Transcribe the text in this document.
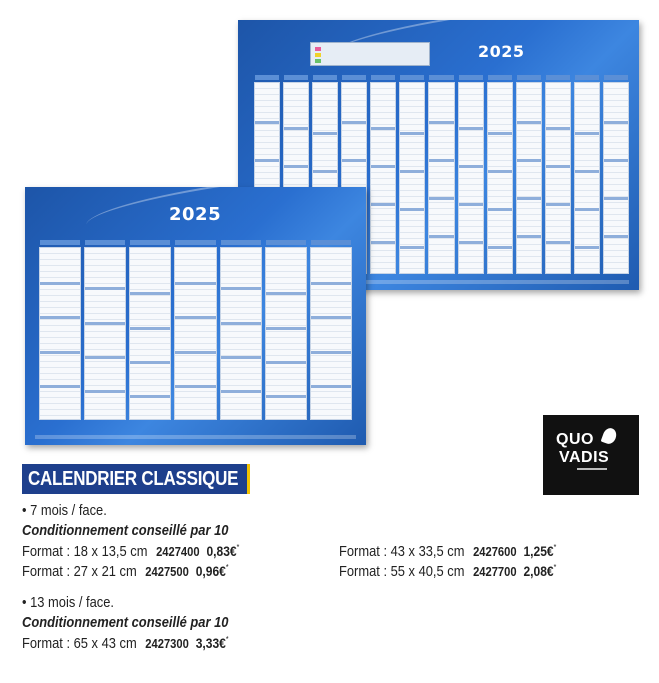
2025
2025
QUO
VADIS
CALENDRIER CLASSIQUE
• 7 mois / face.
Conditionnement conseillé par 10
Format : 18 x 13,5 cm 2427400 0,83€*
Format : 27 x 21 cm 2427500 0,96€*
Format : 43 x 33,5 cm 2427600 1,25€*
Format : 55 x 40,5 cm 2427700 2,08€*
• 13 mois / face.
Conditionnement conseillé par 10
Format : 65 x 43 cm 2427300 3,33€*
